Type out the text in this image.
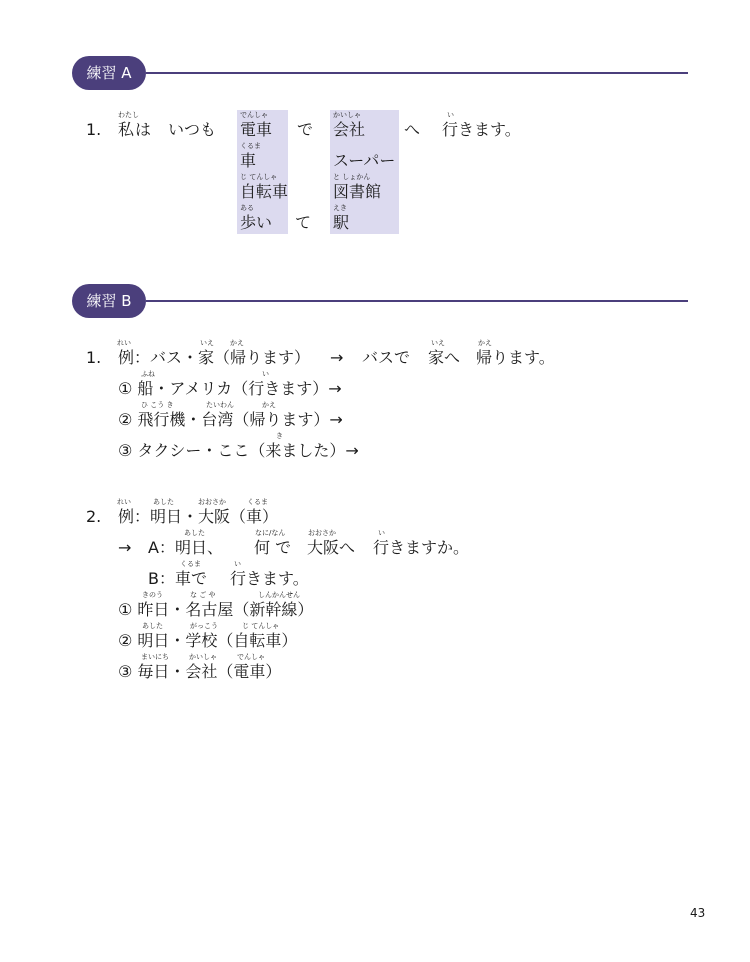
練習 A
1.
わたし
私 は いつも
でんしゃ
電車
くるま
車
じ てんしゃ
自転車
ある
歩い て
で
かいしゃ
会社
スーパー
と しょかん
図書館
えき
駅
へ
い
行きます。
練習 B
1.
れい
例
いえ かえ
：バス・家（帰ります） → バスで
いえ
家へ
かえ
帰ります。
ふね	い
① 船・アメリカ（行きます）→
ひ こう き	たいわん	かえ
② 飛行機・台湾（帰ります）→
き
③ タクシー・ここ（来ました）→
2.
れい	あした	おおさか	くるま
例：明日・大阪（車）
→
あした
A：明日、
なに/なん
何 で
おおさか
大阪へ
い
行きますか。
くるま
B：車で
い
行きます。
きのう	な ご や	しんかんせん
① 昨日・名古屋（新幹線）
あした	がっこう	じ てんしゃ
② 明日・学校（自転車）
まいにち	かいしゃ	でんしゃ
③ 毎日・会社（電車）
43
